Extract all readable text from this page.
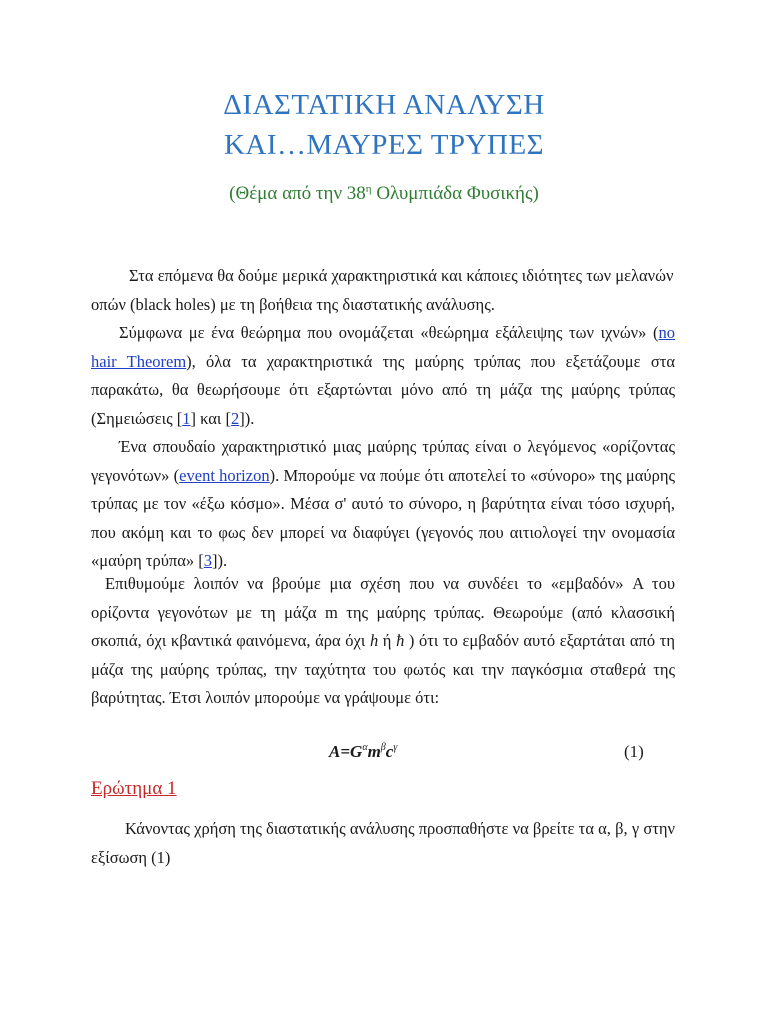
ΔΙΑΣΤΑΤΙΚΗ ΑΝΑΛΥΣΗ
ΚΑΙ…ΜΑΥΡΕΣ ΤΡΥΠΕΣ
(Θέμα από την $38^\eta$ Ολυμπιάδα Φυσικής)

Στα επόμενα θα δούμε μερικά χαρακτηριστικά και κάποιες ιδιότητες των μελανών οπών (black holes) με τη βοήθεια της διαστατικής ανάλυσης.

Σύμφωνα με ένα θεώρημα που ονομάζεται «θεώρημα εξάλειψης των ιχνών» (no hair Theorem), όλα τα χαρακτηριστικά της μαύρης τρύπας που εξετάζουμε στα παρακάτω, θα θεωρήσουμε ότι εξαρτώνται μόνο από τη μάζα της μαύρης τρύπας (Σημειώσεις [1] και [2]).

Ένα σπουδαίο χαρακτηριστικό μιας μαύρης τρύπας είναι ο λεγόμενος «ορίζοντας γεγονότων» (event horizon). Μπορούμε να πούμε ότι αποτελεί το «σύνορο» της μαύρης τρύπας με τον «έξω κόσμο». Μέσα σ' αυτό το σύνορο, η βαρύτητα είναι τόσο ισχυρή, που ακόμη και το φως δεν μπορεί να διαφύγει (γεγονός που αιτιολογεί την ονομασία «μαύρη τρύπα» [3]).

Επιθυμούμε λοιπόν να βρούμε μια σχέση που να συνδέει το «εμβαδόν» A του ορίζοντα γεγονότων με τη μάζα m της μαύρης τρύπας. Θεωρούμε (από κλασσική σκοπιά, όχι κβαντικά φαινόμενα, άρα όχι h ή ħ ) ότι το εμβαδόν αυτό εξαρτάται από τη μάζα της μαύρης τρύπας, την ταχύτητα του φωτός και την παγκόσμια σταθερά της βαρύτητας. Έτσι λοιπόν μπορούμε να γράψουμε ότι:

$A=G^\alpha m^\beta c^\gamma$	(1)
Ερώτημα 1

Κάνοντας χρήση της διαστατικής ανάλυσης προσπαθήστε να βρείτε τα α, β, γ στην εξίσωση (1)
